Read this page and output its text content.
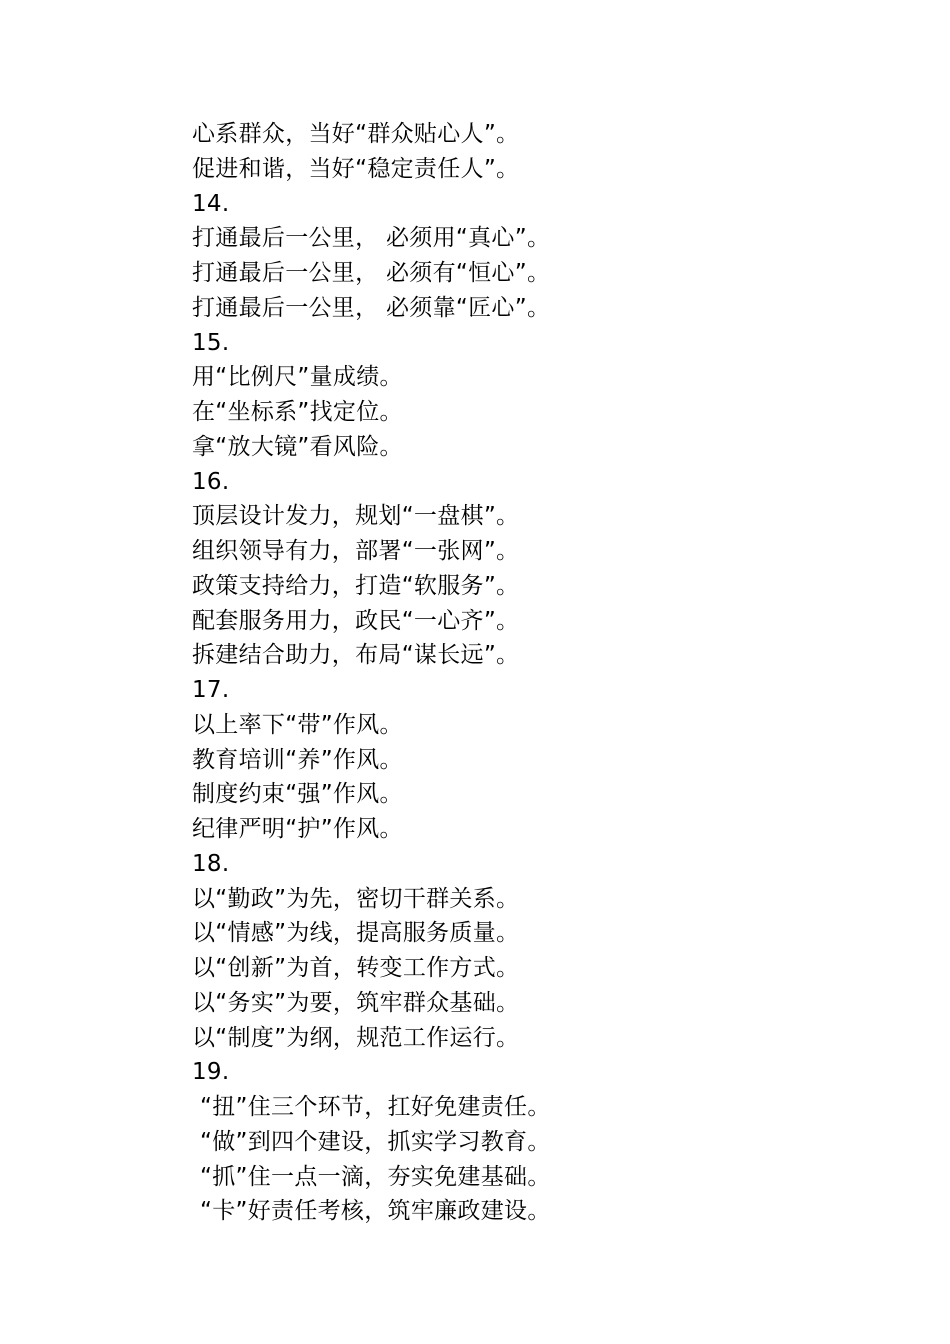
心系群众，当好“群众贴心人”。
促进和谐，当好“稳定责任人”。
14.
打通最后一公里， 必须用“真心”。
打通最后一公里， 必须有“恒心”。
打通最后一公里， 必须靠“匠心”。
15.
用“比例尺”量成绩。
在“坐标系”找定位。
拿“放大镜”看风险。
16.
顶层设计发力，规划“一盘棋”。
组织领导有力，部署“一张网”。
政策支持给力，打造“软服务”。
配套服务用力，政民“一心齐”。
拆建结合助力，布局“谋长远”。
17.
以上率下“带”作风。
教育培训“养”作风。
制度约束“强”作风。
纪律严明“护”作风。
18.
以“勤政”为先，密切干群关系。
以“情感”为线，提高服务质量。
以“创新”为首，转变工作方式。
以“务实”为要，筑牢群众基础。
以“制度”为纲，规范工作运行。
19.
“扭”住三个环节，扛好免建责任。
“做”到四个建设，抓实学习教育。
“抓”住一点一滴，夯实免建基础。
“卡”好责任考核，筑牢廉政建设。
